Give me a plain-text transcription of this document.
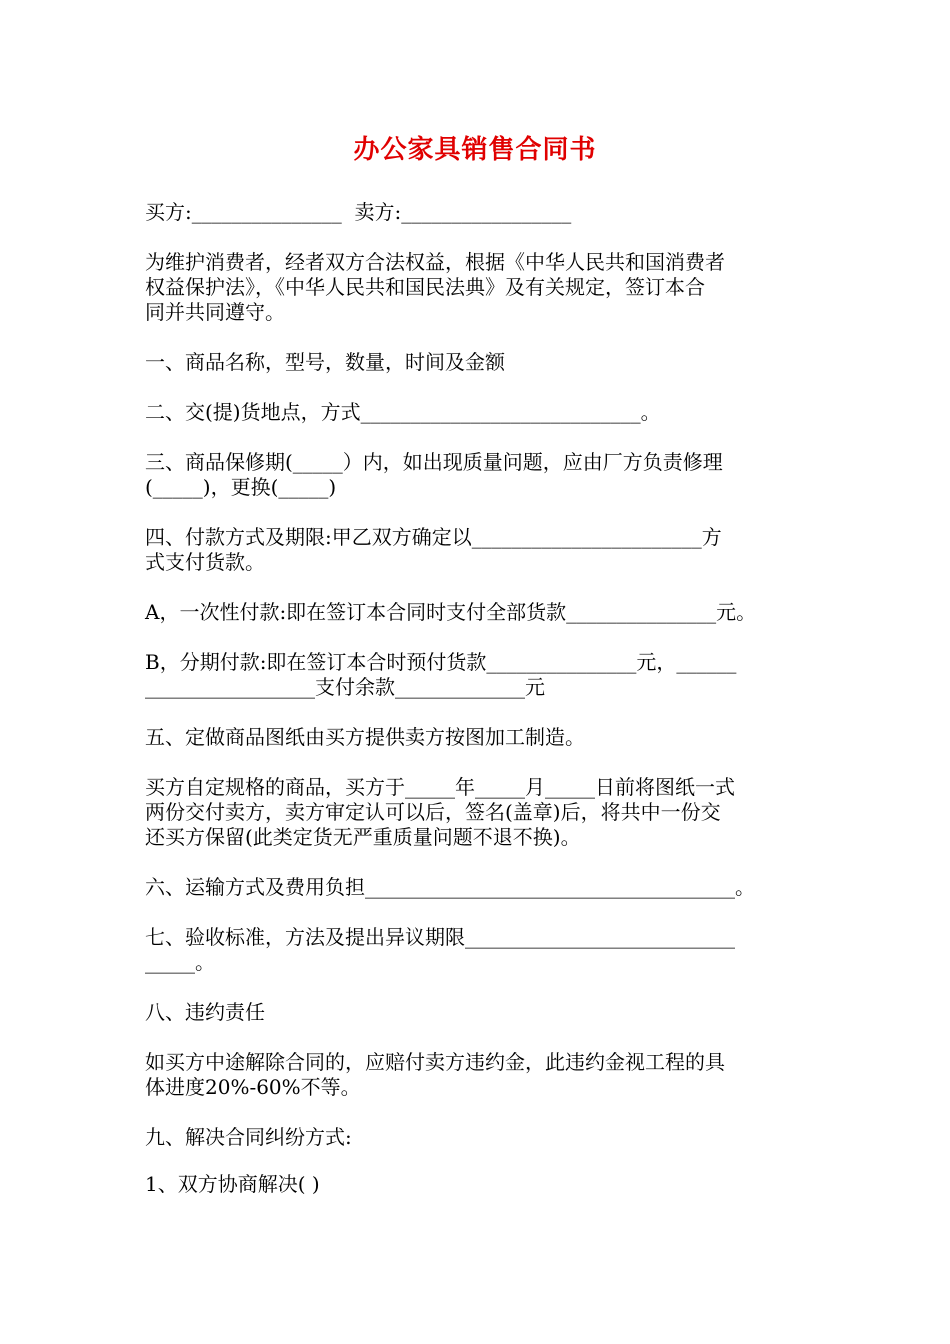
办公家具销售合同书
买方:_______________  卖方:_________________
为维护消费者，经者双方合法权益，根据《中华人民共和国消费者
权益保护法》，《中华人民共和国民法典》及有关规定，签订本合
同并共同遵守。
一、商品名称，型号，数量，时间及金额
二、交(提)货地点，方式____________________________。
三、商品保修期(_____）内，如出现质量问题，应由厂方负责修理
(_____)，更换(_____)
四、付款方式及期限:甲乙双方确定以_______________________方
式支付货款。
A，一次性付款:即在签订本合同时支付全部货款_______________元。
B，分期付款:即在签订本合时预付货款_______________元，______
_________________支付余款_____________元
五、定做商品图纸由买方提供卖方按图加工制造。
买方自定规格的商品，买方于_____年_____月_____日前将图纸一式
两份交付卖方，卖方审定认可以后，签名(盖章)后，将共中一份交
还买方保留(此类定货无严重质量问题不退不换)。
六、运输方式及费用负担_____________________________________。
七、验收标准，方法及提出异议期限___________________________
_____。
八、违约责任
如买方中途解除合同的，应赔付卖方违约金，此违约金视工程的具
体进度20%-60%不等。
九、解决合同纠纷方式:
1、双方协商解决( )
